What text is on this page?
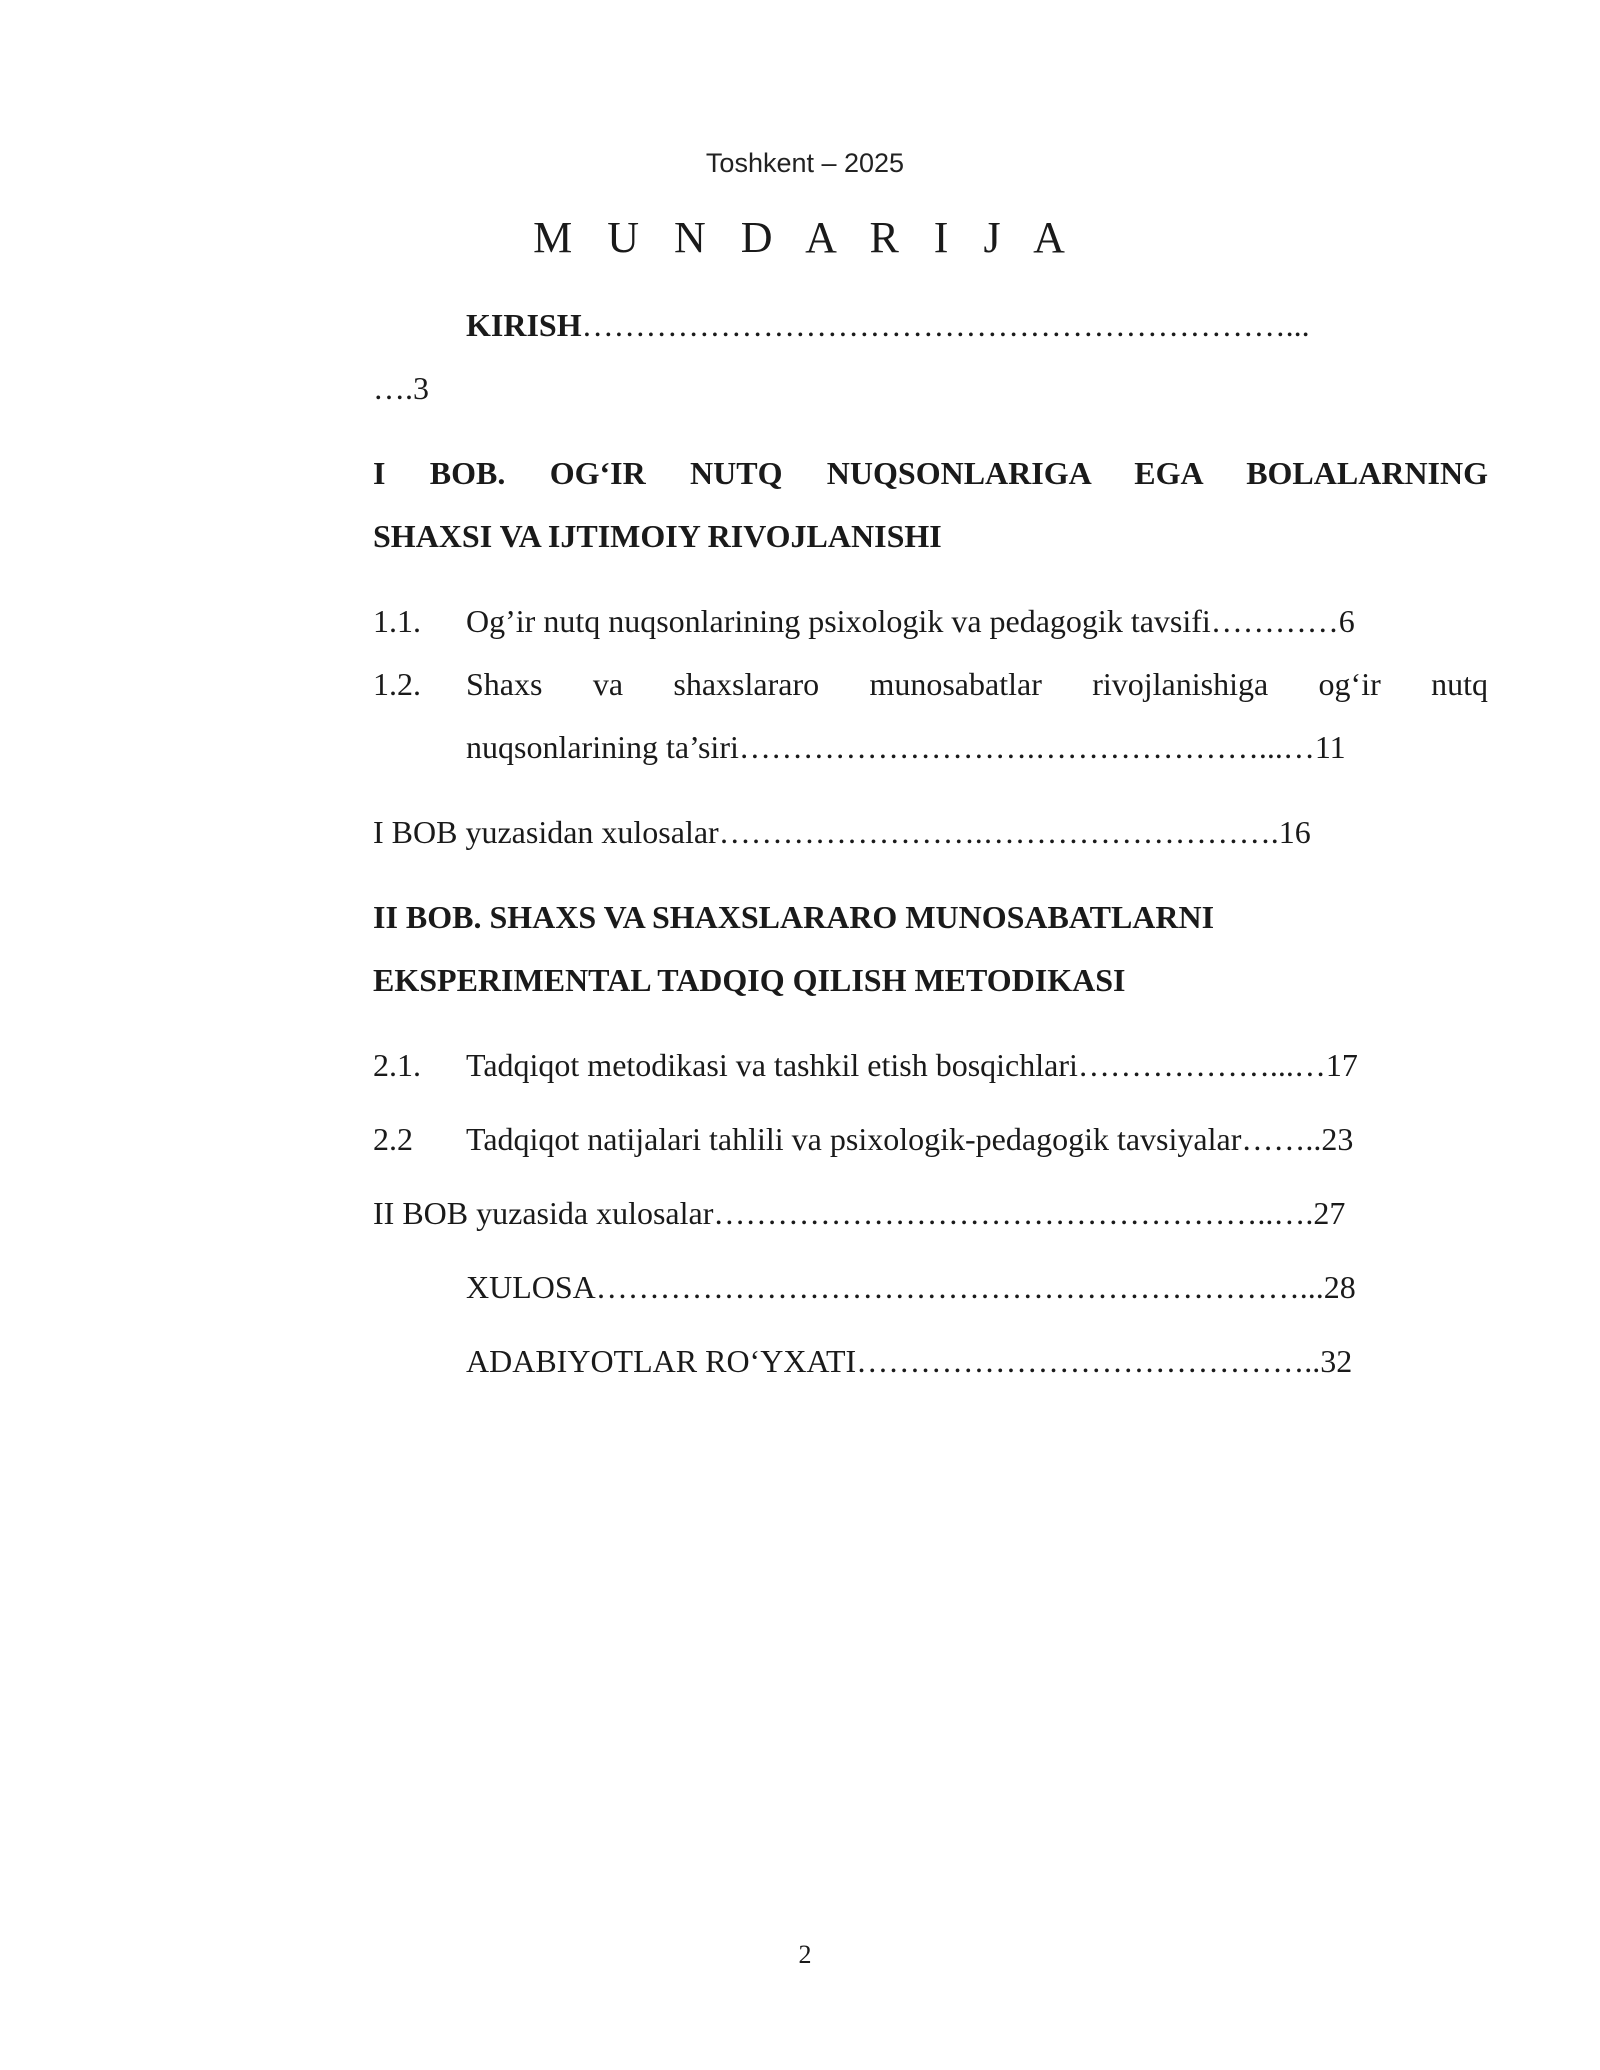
Toshkent – 2025
M U N D A R I J A
KIRISH…………………………………………………………...
….3
I BOB. OG‘IR NUTQ NUQSONLARIGA EGA BOLALARNING
SHAXSI VA IJTIMOIY RIVOJLANISHI
1.1. Og’ir nutq nuqsonlarining psixologik va pedagogik tavsifi…………6
1.2.	Shaxs va shaxslararo munosabatlar rivojlanishiga og‘ir nutq
nuqsonlarining ta’siri……………………….…………………...…11
I BOB yuzasidan xulosalar…………………….……………………….16
II BOB. SHAXS VA SHAXSLARARO MUNOSABATLARNI
EKSPERIMENTAL TADQIQ QILISH METODIKASI
2.1. Tadqiqot metodikasi va tashkil etish bosqichlari………………...…17
2.2 Tadqiqot natijalari tahlili va psixologik-pedagogik tavsiyalar……..23
II BOB yuzasida xulosalar……………………………………………..….27
XULOSA…………………………………………………………...28
ADABIYOTLAR RO‘YXATI……………………………………..32
2
